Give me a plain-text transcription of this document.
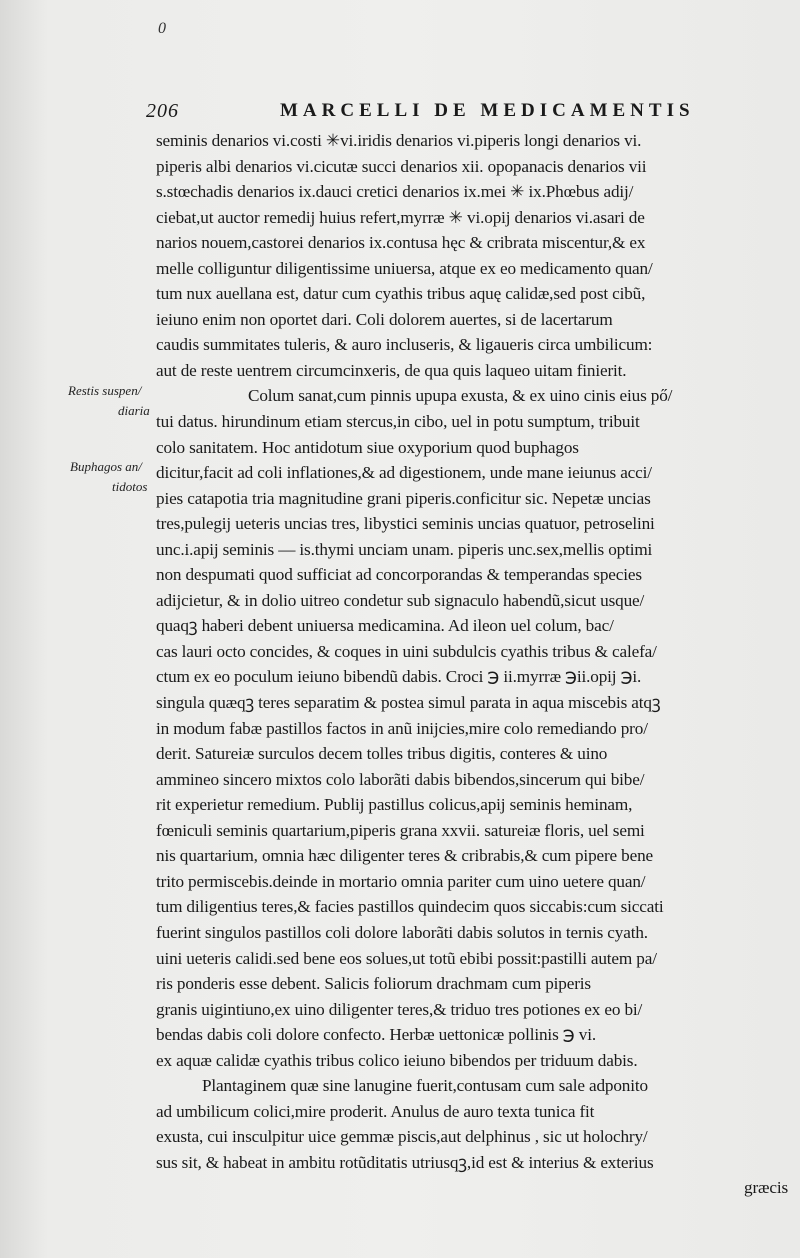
0
206	MARCELLI DE MEDICAMENTIS
Restis suspen/
diaria
Buphagos an/
tidotos
seminis denarios vi.costi ✳vi.iridis denarios vi.piperis longi denarios vi.
piperis albi denarios vi.cicutæ succi denarios xii. opopanacis denarios vii
s.stœchadis denarios ix.dauci cretici denarios ix.mei ✳ ix.Phœbus adij/
ciebat,ut auctor remedij huius refert,myrræ ✳ vi.opij denarios vi.asari de
narios nouem,castorei denarios ix.contusa hęc & cribrata miscentur,& ex
melle colliguntur diligentissime uniuersa, atque ex eo medicamento quan/
tum nux auellana est, datur cum cyathis tribus aquę calidæ,sed post cibũ,
ieiuno enim non oportet dari. Coli dolorem auertes, si de lacertarum
caudis summitates tuleris, & auro incluseris, & ligaueris circa umbilicum:
aut de reste uentrem circumcinxeris, de qua quis laqueo uitam finierit.
Colum sanat,cum pinnis upupa exusta, & ex uino cinis eius pő/
tui datus. hirundinum etiam stercus,in cibo, uel in potu sumptum, tribuit
colo sanitatem. Hoc antidotum siue oxyporium quod buphagos
dicitur,facit ad coli inflationes,& ad digestionem, unde mane ieiunus acci/
pies catapotia tria magnitudine grani piperis.conficitur sic. Nepetæ uncias
tres,pulegij ueteris uncias tres, libystici seminis uncias quatuor, petroselini
unc.i.apij seminis — is.thymi unciam unam. piperis unc.sex,mellis optimi
non despumati quod sufficiat ad concorporandas & temperandas species
adijcietur, & in dolio uitreo condetur sub signaculo habendũ,sicut usque/
quaqꝫ haberi debent uniuersa medicamina. Ad ileon uel colum, bac/
cas lauri octo concides, & coques in uini subdulcis cyathis tribus & calefa/
ctum ex eo poculum ieiuno bibendũ dabis. Croci ℈ ii.myrræ ℈ii.opij ℈i.
singula quæqꝫ teres separatim & postea simul parata in aqua miscebis atqꝫ
in modum fabæ pastillos factos in anũ inijcies,mire colo remediando pro/
derit. Satureiæ surculos decem tolles tribus digitis, conteres & uino
ammineo sincero mixtos colo laborãti dabis bibendos,sincerum qui bibe/
rit experietur remedium. Publij pastillus colicus,apij seminis heminam,
fœniculi seminis quartarium,piperis grana xxvii. satureiæ floris, uel semi
nis quartarium, omnia hæc diligenter teres & cribrabis,& cum pipere bene
trito permiscebis.deinde in mortario omnia pariter cum uino uetere quan/
tum diligentius teres,& facies pastillos quindecim quos siccabis:cum siccati
fuerint singulos pastillos coli dolore laborãti dabis solutos in ternis cyath.
uini ueteris calidi.sed bene eos solues,ut totũ ebibi possit:pastilli autem pa/
ris ponderis esse debent. Salicis foliorum drachmam cum piperis
granis uigintiuno,ex uino diligenter teres,& triduo tres potiones ex eo bi/
bendas dabis coli dolore confecto. Herbæ uettonicæ pollinis ℈ vi.
ex aquæ calidæ cyathis tribus colico ieiuno bibendos per triduum dabis.
Plantaginem quæ sine lanugine fuerit,contusam cum sale adponito
ad umbilicum colici,mire proderit. Anulus de auro texta tunica fit
exusta, cui insculpitur uice gemmæ piscis,aut delphinus , sic ut holochry/
sus sit, & habeat in ambitu rotũditatis utriusqꝫ,id est & interius & exterius
græcis
